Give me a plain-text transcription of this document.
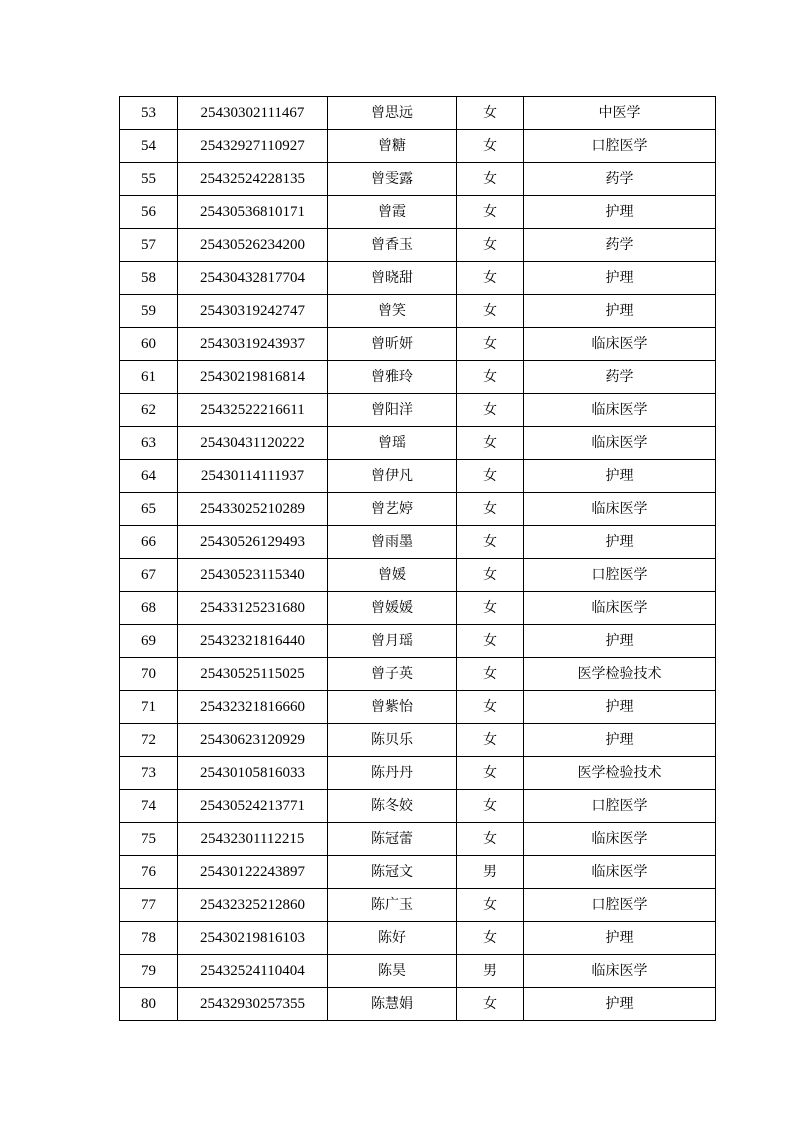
53	25430302111467	曾思远	女	中医学
54	25432927110927	曾糖	女	口腔医学
55	25432524228135	曾雯露	女	药学
56	25430536810171	曾霞	女	护理
57	25430526234200	曾香玉	女	药学
58	25430432817704	曾晓甜	女	护理
59	25430319242747	曾笑	女	护理
60	25430319243937	曾昕妍	女	临床医学
61	25430219816814	曾雅玲	女	药学
62	25432522216611	曾阳洋	女	临床医学
63	25430431120222	曾瑶	女	临床医学
64	25430114111937	曾伊凡	女	护理
65	25433025210289	曾艺婷	女	临床医学
66	25430526129493	曾雨墨	女	护理
67	25430523115340	曾媛	女	口腔医学
68	25433125231680	曾媛媛	女	临床医学
69	25432321816440	曾月瑶	女	护理
70	25430525115025	曾子英	女	医学检验技术
71	25432321816660	曾紫怡	女	护理
72	25430623120929	陈贝乐	女	护理
73	25430105816033	陈丹丹	女	医学检验技术
74	25430524213771	陈冬姣	女	口腔医学
75	25432301112215	陈冠蕾	女	临床医学
76	25430122243897	陈冠文	男	临床医学
77	25432325212860	陈广玉	女	口腔医学
78	25430219816103	陈好	女	护理
79	25432524110404	陈昊	男	临床医学
80	25432930257355	陈慧娟	女	护理
